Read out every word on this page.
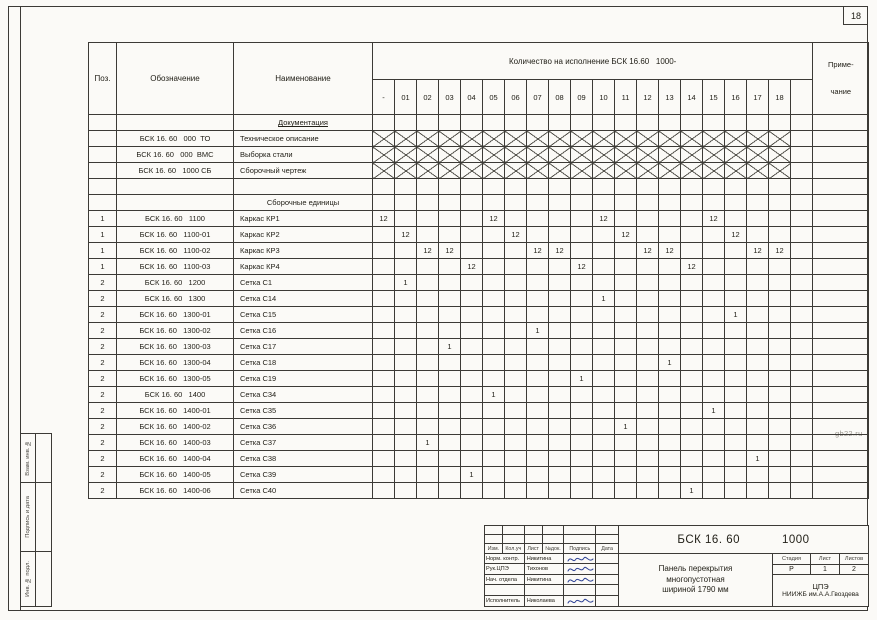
18
gb22.ru
Поз.	Обозначение	Наименование	Количество на исполнение БСК 16.60   1000-																				Приме-

чание

			-	01	02	03	04	05	06	07	08	09	10	11	12	13	14	15	16	17	18		
		Документация																					
	БСК 16. 60   000  ТО	Техническое описание																					
	БСК 16. 60   000  ВМС	Выборка стали																					
	БСК 16. 60   1000 СБ	Сборочный чертеж																					

		Сборочные единицы																					
1	БСК 16. 60   1100	Каркас КР1	12					12					12					12					
1	БСК 16. 60   1100-01	Каркас КР2		12					12					12					12				
1	БСК 16. 60   1100-02	Каркас КР3			12	12				12	12				12	12				12	12		
1	БСК 16. 60   1100-03	Каркас КР4					12					12					12						
2	БСК 16. 60   1200	Сетка С1		1																			
2	БСК 16. 60   1300	Сетка С14											1										
2	БСК 16. 60   1300-01	Сетка С15																	1				
2	БСК 16. 60   1300-02	Сетка С16								1													
2	БСК 16. 60   1300-03	Сетка С17				1																	
2	БСК 16. 60   1300-04	Сетка С18														1							
2	БСК 16. 60   1300-05	Сетка С19										1											
2	БСК 16. 60   1400	Сетка С34						1															
2	БСК 16. 60   1400-01	Сетка С35																1					
2	БСК 16. 60   1400-02	Сетка С36												1									
2	БСК 16. 60   1400-03	Сетка С37			1																		
2	БСК 16. 60   1400-04	Сетка С38																		1			
2	БСК 16. 60   1400-05	Сетка С39					1																
2	БСК 16. 60   1400-06	Сетка С40															1						
Взам. инв. №
Подпись и дата
Инв. № подл.
Изм.	Кол.уч	Лист	№док.	Подпись	Дата
Норм. контр.	Никитина
Рук.ЦПЭ	Тихонов
Нач. отдела	Никитина
Исполнитель	Николаева
БСК 16. 60	1000
Панель перекрытия
многопустотная
шириной 1790 мм
Стадия	Лист	Листов
Р	1	2
ЦПЭ
НИИЖБ им.А.А.Гвоздева
